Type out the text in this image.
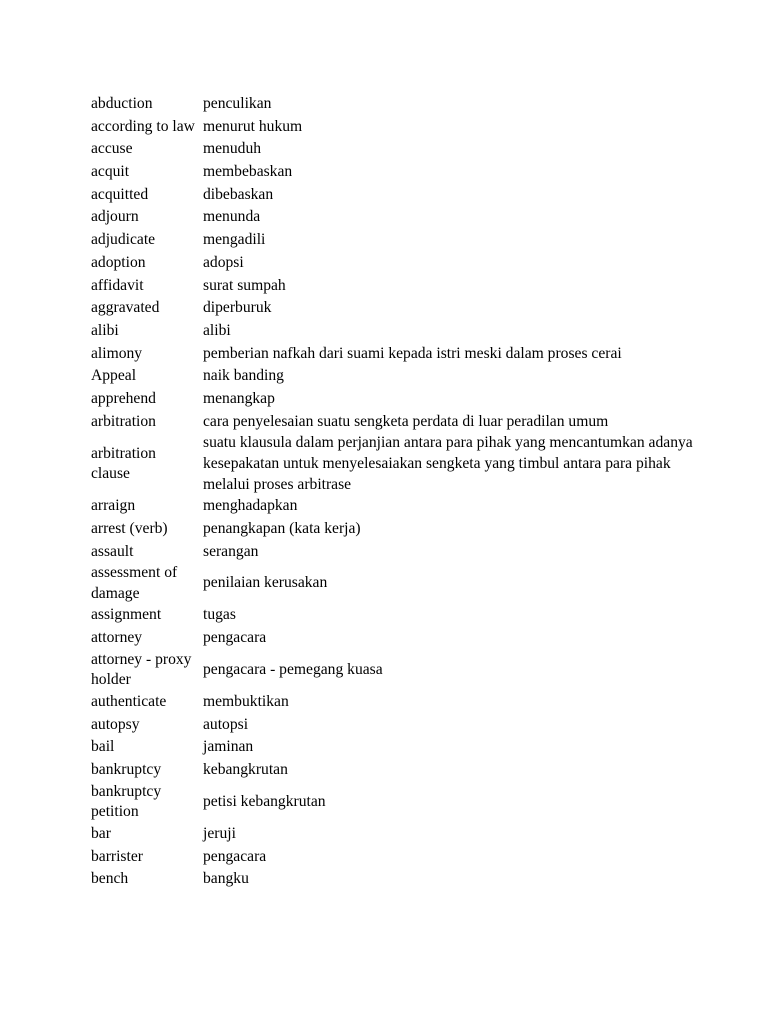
abduction	penculikan
according to law	menurut hukum
accuse	menuduh
acquit	membebaskan
acquitted	dibebaskan
adjourn	menunda
adjudicate	mengadili
adoption	adopsi
affidavit	surat sumpah
aggravated	diperburuk
alibi	alibi
alimony	pemberian nafkah dari suami kepada istri meski dalam proses cerai
Appeal	naik banding
apprehend	menangkap
arbitration	cara penyelesaian suatu sengketa perdata di luar peradilan umum
arbitration clause	suatu klausula dalam perjanjian antara para pihak yang mencantumkan adanya kesepakatan untuk menyelesaiakan sengketa yang timbul antara para pihak melalui proses arbitrase
arraign	menghadapkan
arrest (verb)	penangkapan (kata kerja)
assault	serangan
assessment of damage	penilaian kerusakan
assignment	tugas
attorney	pengacara
attorney - proxy holder	pengacara - pemegang kuasa
authenticate	membuktikan
autopsy	autopsi
bail	jaminan
bankruptcy	kebangkrutan
bankruptcy petition	petisi kebangkrutan
bar	jeruji
barrister	pengacara
bench	bangku
